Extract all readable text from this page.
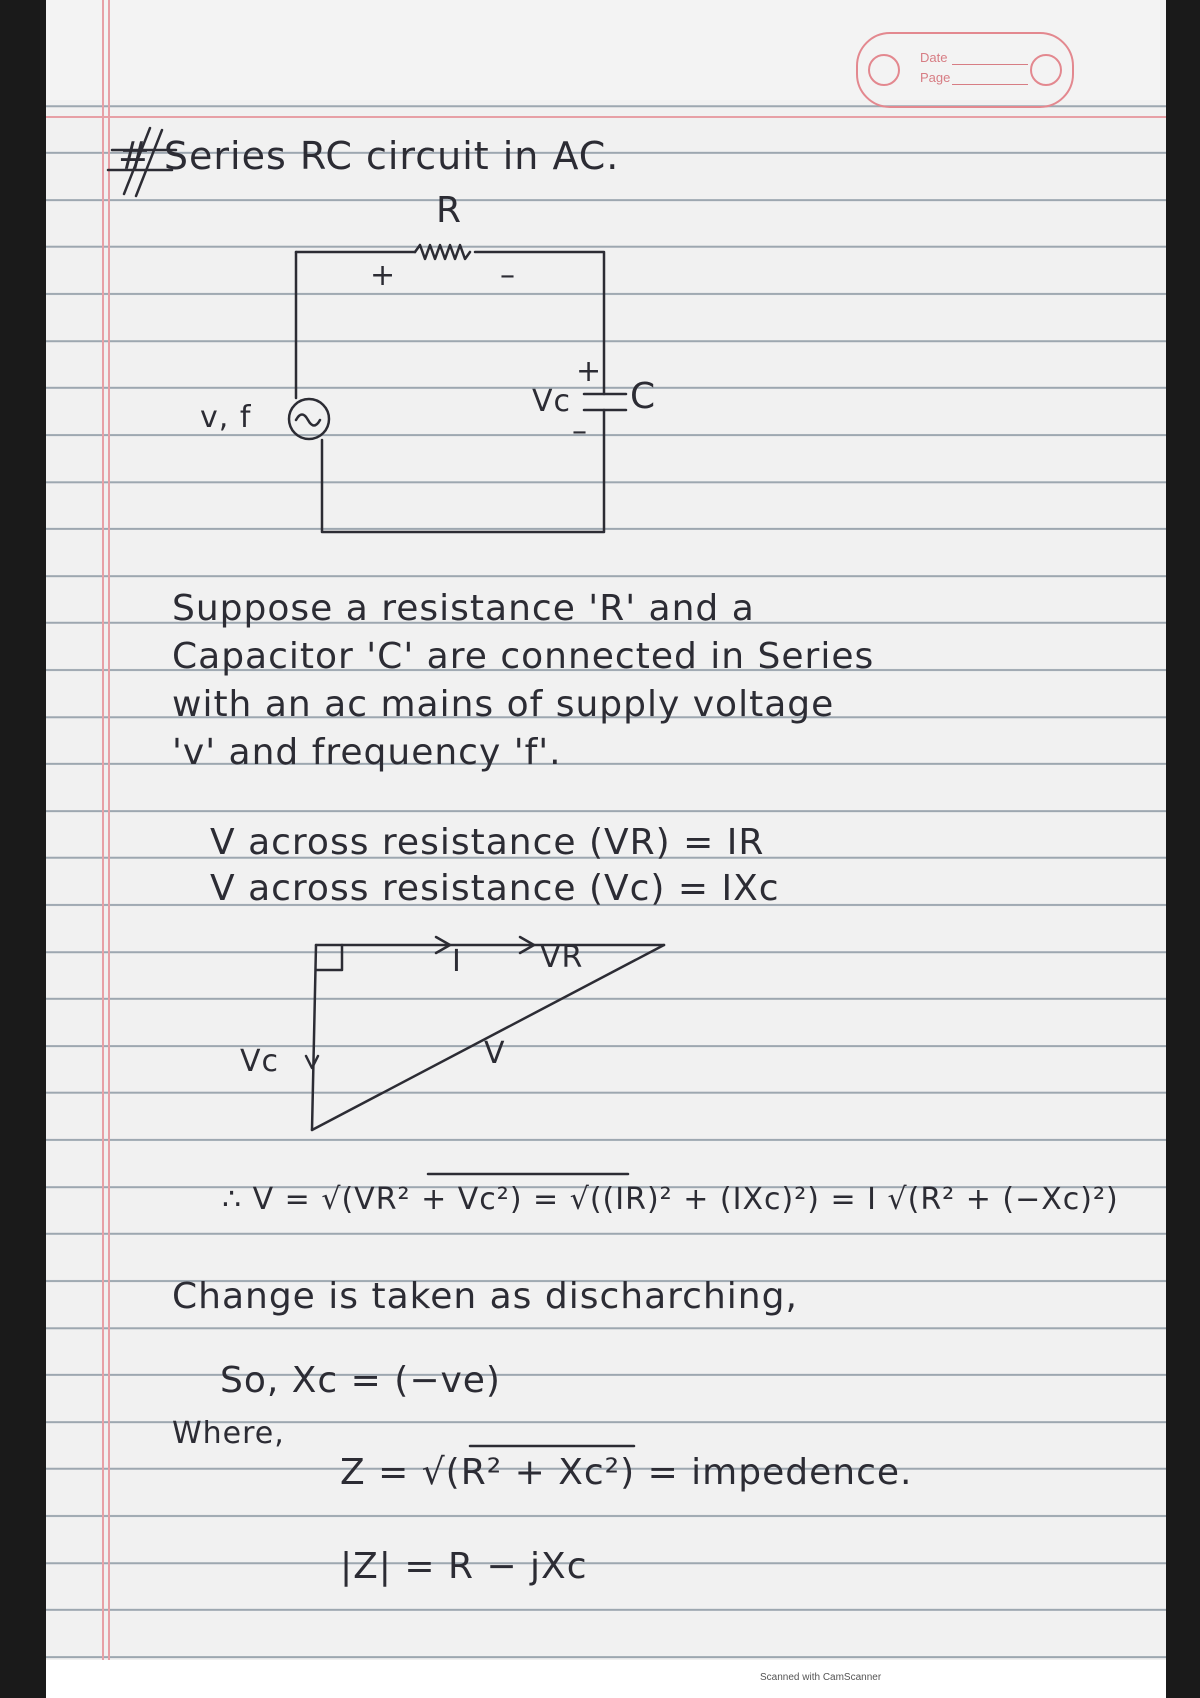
Date
Page
# Series RC circuit in AC.
R
+	–
v, f
C
Vc
+
–
Suppose a resistance 'R' and a
Capacitor 'C' are connected in Series
with an ac mains of supply voltage
'v' and frequency 'f'.
V across resistance (VR) = IR
V across resistance (Vc) = IXc
I	VR
Vc	V
∴ V = √(VR² + Vc²) = √((IR)² + (IXc)²) = I √(R² + (−Xc)²)
Change is taken as discharching,
So, Xc = (−ve)
Where,
Z = √(R² + Xc²) = impedence.
|Z| = R − jXc
Scanned with CamScanner
